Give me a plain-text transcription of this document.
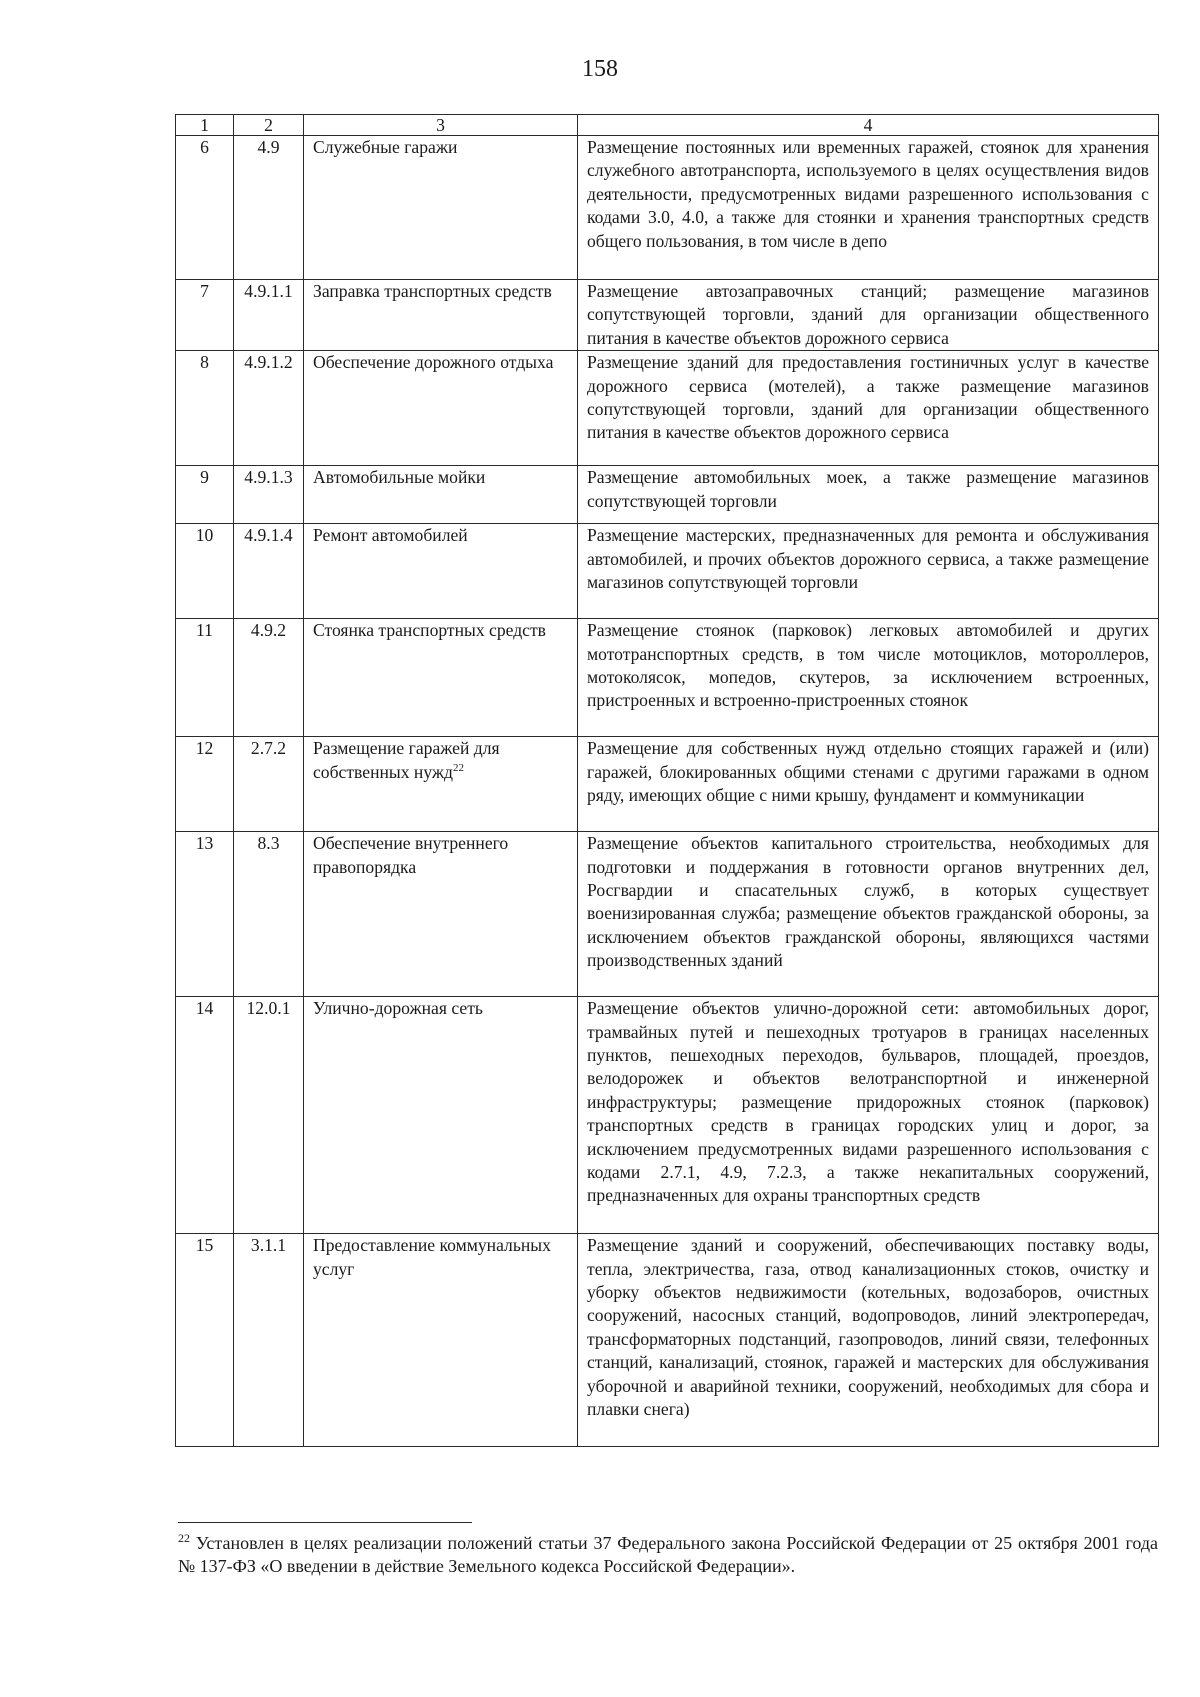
158
1	2	3	4
6	4.9	Служебные гаражи	Размещение постоянных или временных гаражей, стоянок для хранения служебного автотранспорта, используемого в целях осуществления видов деятельности, предусмотренных видами разрешенного использования с кодами 3.0, 4.0, а также для стоянки и хранения транспортных средств общего пользования, в том числе в депо
7	4.9.1.1	Заправка транспортных средств	Размещение автозаправочных станций; размещение магазинов сопутствующей торговли, зданий для организации общественного питания в качестве объектов дорожного сервиса
8	4.9.1.2	Обеспечение дорожного отдыха	Размещение зданий для предоставления гостиничных услуг в качестве дорожного сервиса (мотелей), а также размещение магазинов сопутствующей торговли, зданий для организации общественного питания в качестве объектов дорожного сервиса
9	4.9.1.3	Автомобильные мойки	Размещение автомобильных моек, а также размещение магазинов сопутствующей торговли
10	4.9.1.4	Ремонт автомобилей	Размещение мастерских, предназначенных для ремонта и обслуживания автомобилей, и прочих объектов дорожного сервиса, а также размещение магазинов сопутствующей торговли
11	4.9.2	Стоянка транспортных средств	Размещение стоянок (парковок) легковых автомобилей и других мототранспортных средств, в том числе мотоциклов, мотороллеров, мотоколясок, мопедов, скутеров, за исключением встроенных, пристроенных и встроенно-пристроенных стоянок
12	2.7.2	Размещение гаражей для собственных нужд$^{22}$	Размещение для собственных нужд отдельно стоящих гаражей и (или) гаражей, блокированных общими стенами с другими гаражами в одном ряду, имеющих общие с ними крышу, фундамент и коммуникации
13	8.3	Обеспечение внутреннего правопорядка	Размещение объектов капитального строительства, необходимых для подготовки и поддержания в готовности органов внутренних дел, Росгвардии и спасательных служб, в которых существует военизированная служба; размещение объектов гражданской обороны, за исключением объектов гражданской обороны, являющихся частями производственных зданий
14	12.0.1	Улично-дорожная сеть	Размещение объектов улично-дорожной сети: автомобильных дорог, трамвайных путей и пешеходных тротуаров в границах населенных пунктов, пешеходных переходов, бульваров, площадей, проездов, велодорожек и объектов велотранспортной и инженерной инфраструктуры; размещение придорожных стоянок (парковок) транспортных средств в границах городских улиц и дорог, за исключением предусмотренных видами разрешенного использования с кодами 2.7.1, 4.9, 7.2.3, а также некапитальных сооружений, предназначенных для охраны транспортных средств
15	3.1.1	Предоставление коммунальных услуг	Размещение зданий и сооружений, обеспечивающих поставку воды, тепла, электричества, газа, отвод канализационных стоков, очистку и уборку объектов недвижимости (котельных, водозаборов, очистных сооружений, насосных станций, водопроводов, линий электропередач, трансформаторных подстанций, газопроводов, линий связи, телефонных станций, канализаций, стоянок, гаражей и мастерских для обслуживания уборочной и аварийной техники, сооружений, необходимых для сбора и плавки снега)
$^{22}$ Установлен в целях реализации положений статьи 37 Федерального закона Российской Федерации от 25 октября 2001 года № 137-ФЗ «О введении в действие Земельного кодекса Российской Федерации».
